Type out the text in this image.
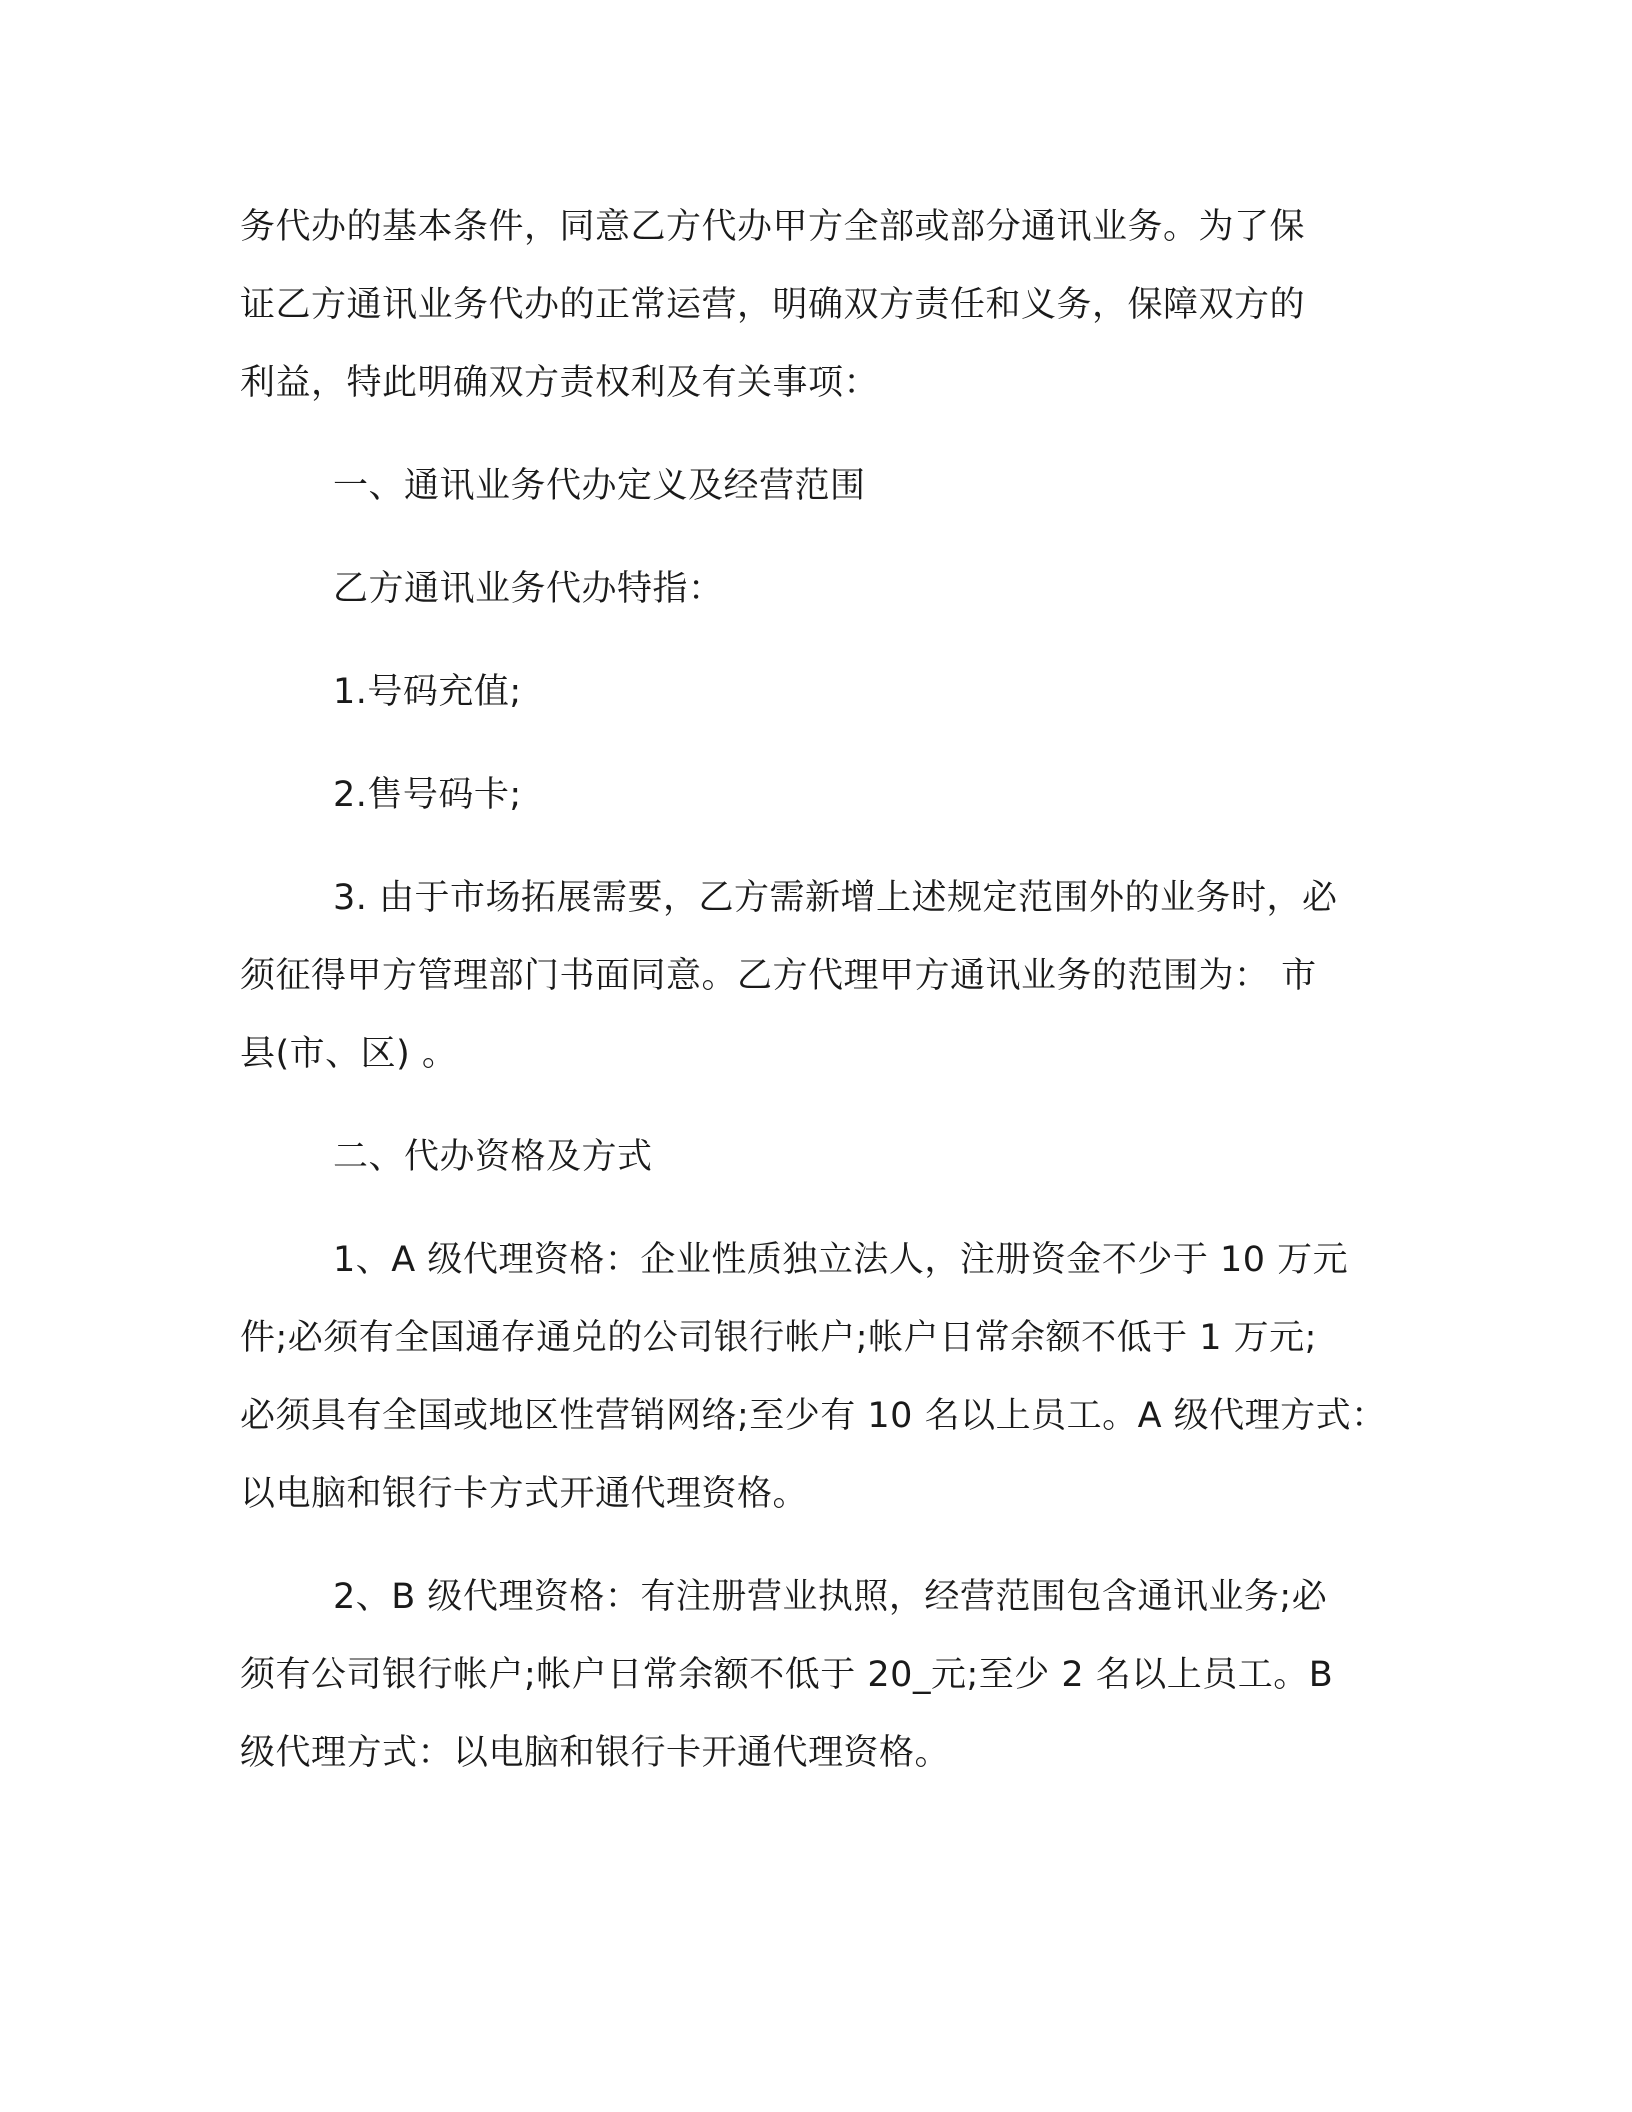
务代办的基本条件，同意乙方代办甲方全部或部分通讯业务。为了保
证乙方通讯业务代办的正常运营，明确双方责任和义务，保障双方的
利益，特此明确双方责权利及有关事项：

一、通讯业务代办定义及经营范围

乙方通讯业务代办特指：

1.号码充值;

2.售号码卡;

3. 由于市场拓展需要，乙方需新增上述规定范围外的业务时，必
须征得甲方管理部门书面同意。乙方代理甲方通讯业务的范围为： 市
县(市、区) 。

二、代办资格及方式

1、A 级代理资格：企业性质独立法人，注册资金不少于 10 万元
件;必须有全国通存通兑的公司银行帐户;帐户日常余额不低于 1 万元;
必须具有全国或地区性营销网络;至少有 10 名以上员工。A 级代理方式：
以电脑和银行卡方式开通代理资格。

2、B 级代理资格：有注册营业执照，经营范围包含通讯业务;必
须有公司银行帐户;帐户日常余额不低于 20_元;至少 2 名以上员工。B
级代理方式：以电脑和银行卡开通代理资格。
